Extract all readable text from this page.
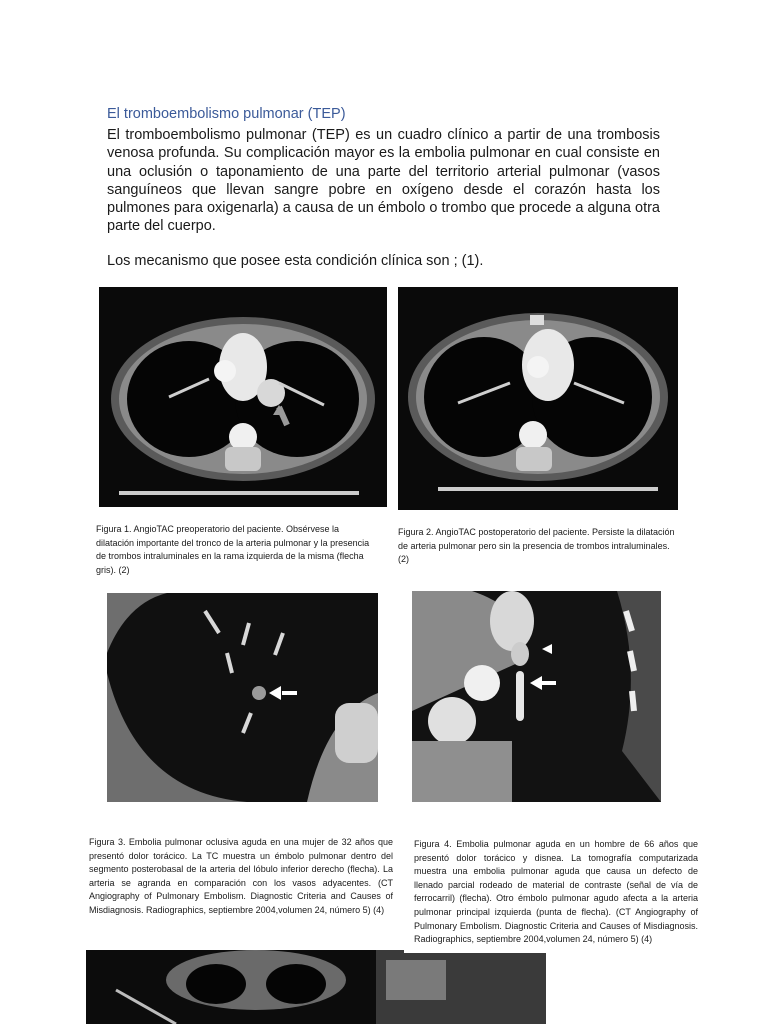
El tromboembolismo pulmonar (TEP)
El tromboembolismo pulmonar (TEP) es un cuadro clínico a partir de una trombosis venosa profunda. Su complicación mayor es la embolia pulmonar en cual consiste en una oclusión o taponamiento de una parte del territorio arterial pulmonar (vasos sanguíneos que llevan sangre pobre en oxígeno desde el corazón hasta los pulmones para oxigenarla) a causa de un émbolo o trombo que procede a alguna otra parte del cuerpo.
Los mecanismo que posee esta condición clínica son ; (1).
Figura 1. AngioTAC preoperatorio del paciente. Obsérvese la dilatación importante del tronco de la arteria pulmonar y la presencia de trombos intraluminales en la rama izquierda de la misma (flecha gris). (2)
Figura 2. AngioTAC postoperatorio del paciente. Persiste la dilatación de arteria pulmonar pero sin la presencia de trombos intraluminales. (2)
Figura 3. Embolia pulmonar oclusiva aguda en una mujer de 32 años que presentó dolor torácico. La TC muestra un émbolo pulmonar dentro del segmento posterobasal de la arteria del lóbulo inferior derecho (flecha). La arteria se agranda en comparación con los vasos adyacentes. (CT Angiography of Pulmonary Embolism. Diagnostic Criteria and Causes of Misdiagnosis. Radiographics, septiembre 2004,volumen 24, número 5) (4)
Figura 4. Embolia pulmonar aguda en un hombre de 66 años que presentó dolor torácico y disnea. La tomografía computarizada muestra una embolia pulmonar aguda que causa un defecto de llenado parcial rodeado de material de contraste (señal de vía de ferrocarril) (flecha). Otro émbolo pulmonar agudo afecta a la arteria pulmonar principal izquierda (punta de flecha). (CT Angiography of Pulmonary Embolism. Diagnostic Criteria and Causes of Misdiagnosis. Radiographics, septiembre 2004,volumen 24, número 5) (4)
